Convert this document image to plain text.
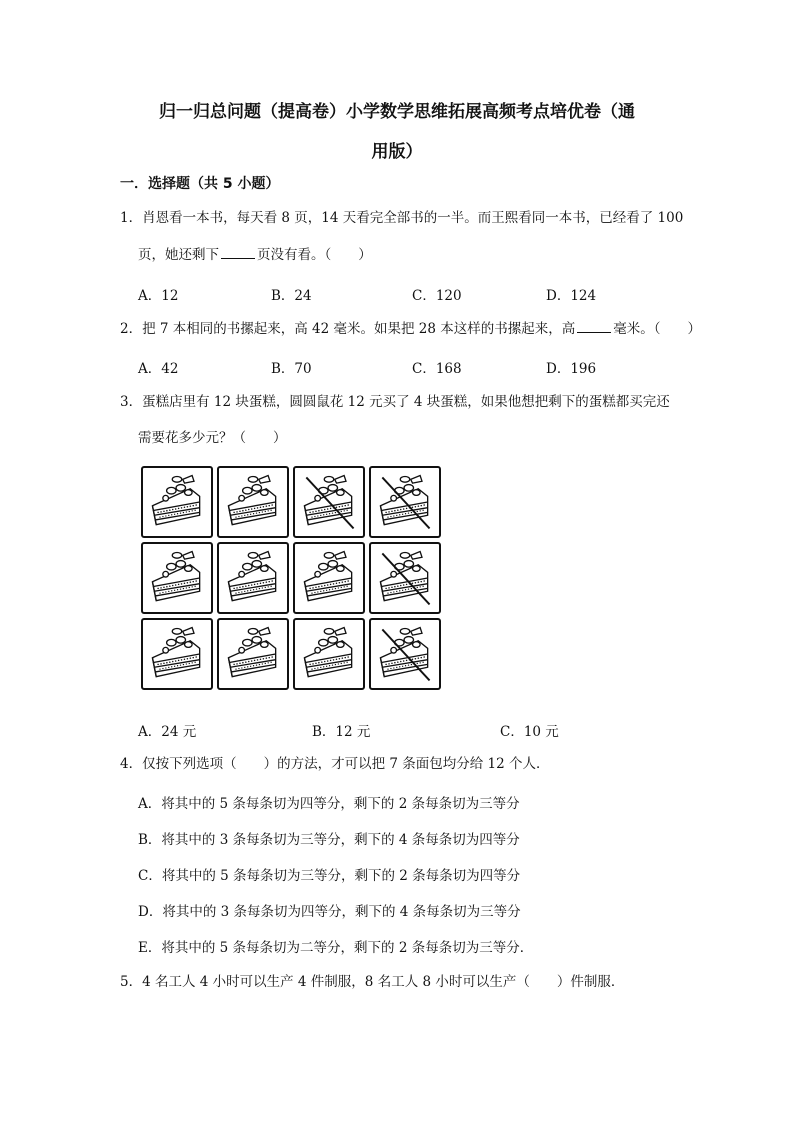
归一归总问题（提高卷）小学数学思维拓展高频考点培优卷（通
用版）
一．选择题（共 5 小题）
1．肖恩看一本书，每天看 8 页，14 天看完全部书的一半。而王熙看同一本书，已经看了 100
页，她还剩下	页没有看。（　　）
A．12	B．24	C．120	D．124
2．把 7 本相同的书摞起来，高 42 毫米。如果把 28 本这样的书摞起来，高	毫米。（　　）
A．42	B．70	C．168	D．196
3．蛋糕店里有 12 块蛋糕，圆圆鼠花 12 元买了 4 块蛋糕，如果他想把剩下的蛋糕都买完还
需要花多少元？（　　）
A．24 元	B．12 元	C．10 元
4．仅按下列选项（　　）的方法，才可以把 7 条面包均分给 12 个人．
A．将其中的 5 条每条切为四等分，剩下的 2 条每条切为三等分
B．将其中的 3 条每条切为三等分，剩下的 4 条每条切为四等分
C．将其中的 5 条每条切为三等分，剩下的 2 条每条切为四等分
D．将其中的 3 条每条切为四等分，剩下的 4 条每条切为三等分
E．将其中的 5 条每条切为二等分，剩下的 2 条每条切为三等分．
5．4 名工人 4 小时可以生产 4 件制服，8 名工人 8 小时可以生产（　　）件制服．
